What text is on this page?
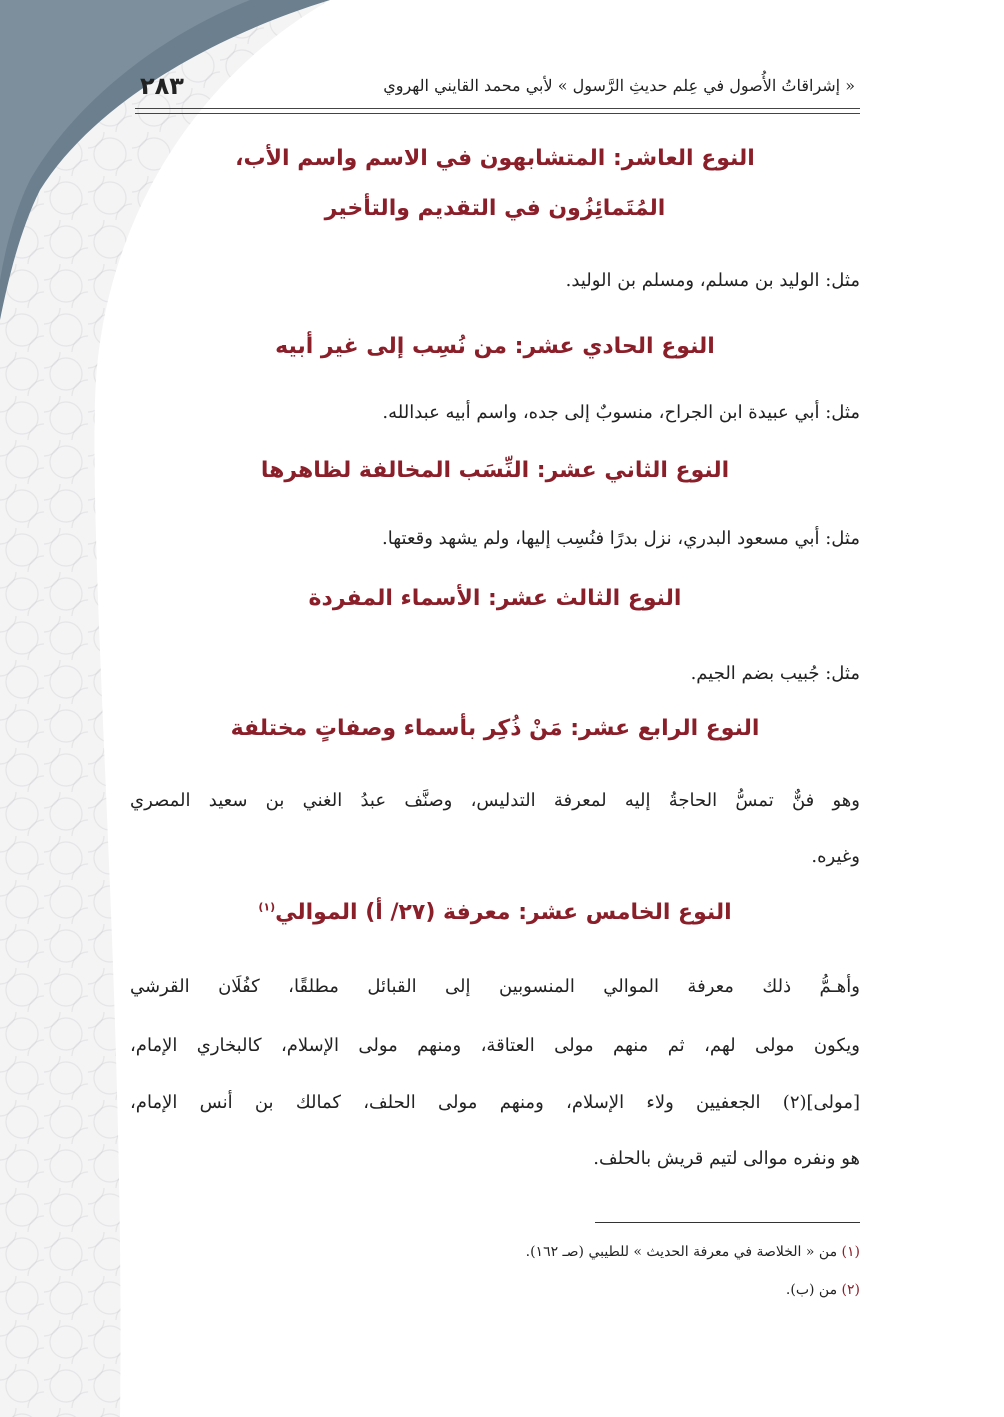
٢٨٣	« إشراقاتُ الأُصول في عِلم حديثِ الرَّسول » لأبي محمد القايني الهروي
النوع العاشر: المتشابهون في الاسم واسم الأب،
المُتَمائِزُون في التقديم والتأخير
مثل: الوليد بن مسلم، ومسلم بن الوليد.
النوع الحادي عشر: من نُسِب إلى غير أبيه
مثل: أبي عبيدة ابن الجراح، منسوبٌ إلى جده، واسم أبيه عبدالله.
النوع الثاني عشر: النِّسَب المخالفة لظاهرها
مثل: أبي مسعود البدري، نزل بدرًا فنُسِب إليها، ولم يشهد وقعتها.
النوع الثالث عشر: الأسماء المفردة
مثل: جُبيب بضم الجيم.
النوع الرابع عشر: مَنْ ذُكِر بأسماء وصفاتٍ مختلفة
وهو فنٌّ تمسُّ الحاجةُ إليه لمعرفة التدليس، وصنَّف عبدُ الغني بن سعيد المصري
وغيره.
النوع الخامس عشر: معرفة (٢٧/ أ) الموالي$^{(١)}$
وأهـمُّ ذلك معرفة الموالي المنسوبين إلى القبائل مطلقًا، كفُلَان القرشي
ويكون مولى لهم، ثم منهم مولى العتاقة، ومنهم مولى الإسلام، كالبخاري الإمام،
[مولى](٢) الجعفيين ولاء الإسلام، ومنهم مولى الحلف، كمالك بن أنس الإمام،
هو ونفره موالى لتيم قريش بالحلف.
(١) من « الخلاصة في معرفة الحديث » للطيبي (صـ ١٦٢).
(٢) من (ب).
